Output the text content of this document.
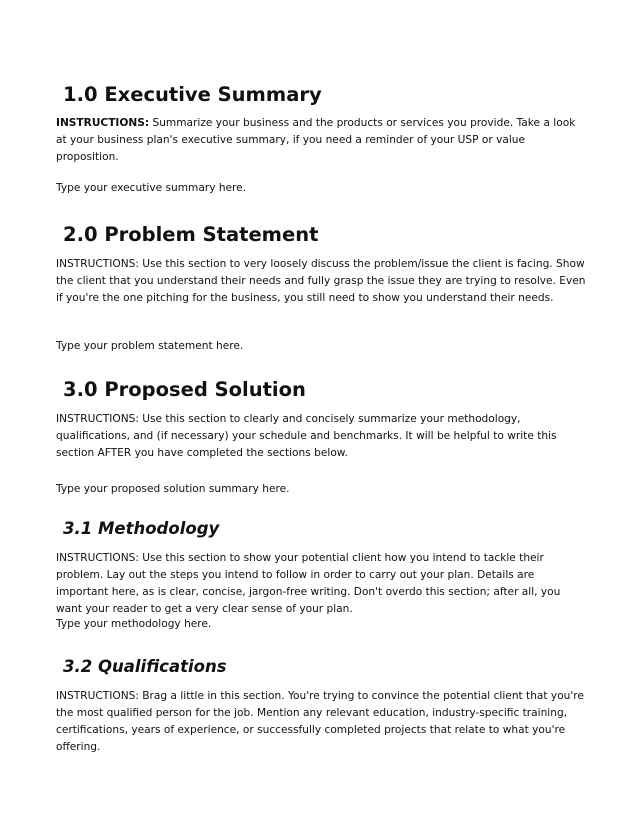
1.0 Executive Summary

INSTRUCTIONS: Summarize your business and the products or services you provide. Take a look at your business plan's executive summary, if you need a reminder of your USP or value proposition.

Type your executive summary here.

2.0 Problem Statement

INSTRUCTIONS: Use this section to very loosely discuss the problem/issue the client is facing. Show the client that you understand their needs and fully grasp the issue they are trying to resolve. Even if you're the one pitching for the business, you still need to show you understand their needs.

Type your problem statement here.

3.0 Proposed Solution

INSTRUCTIONS: Use this section to clearly and concisely summarize your methodology, qualifications, and (if necessary) your schedule and benchmarks. It will be helpful to write this section AFTER you have completed the sections below.

Type your proposed solution summary here.

3.1 Methodology

INSTRUCTIONS: Use this section to show your potential client how you intend to tackle their problem. Lay out the steps you intend to follow in order to carry out your plan. Details are important here, as is clear, concise, jargon-free writing. Don't overdo this section; after all, you want your reader to get a very clear sense of your plan.

Type your methodology here.

3.2 Qualifications

INSTRUCTIONS: Brag a little in this section. You're trying to convince the potential client that you're the most qualified person for the job. Mention any relevant education, industry-specific training, certifications, years of experience, or successfully completed projects that relate to what you're offering.
